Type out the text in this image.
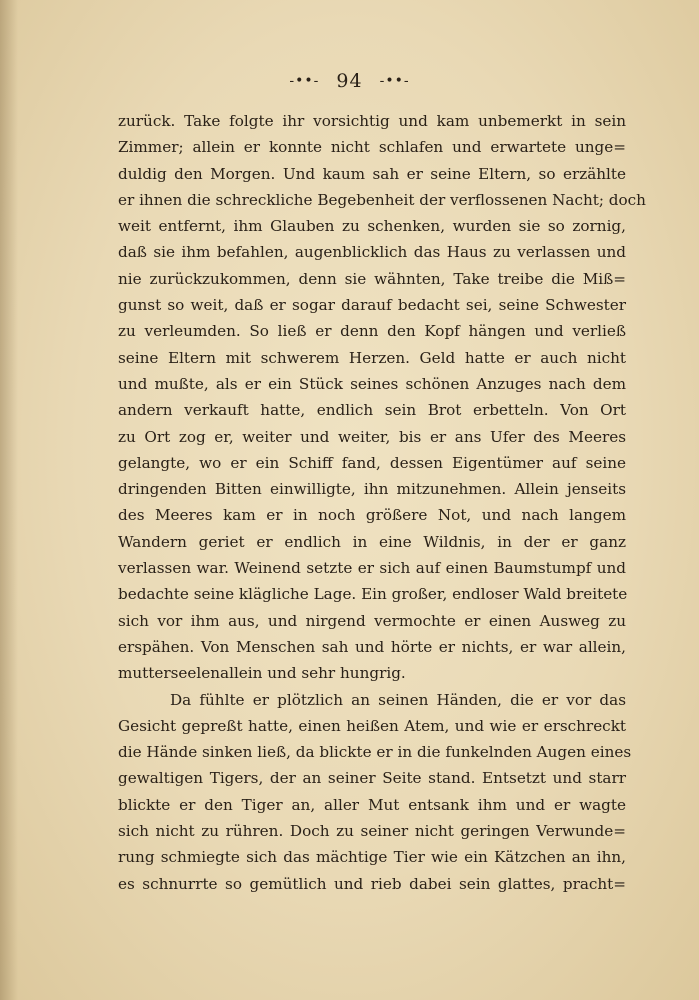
-••- 94 -••-
zurück. Take folgte ihr vorsichtig und kam unbemerkt in sein
Zimmer; allein er konnte nicht schlafen und erwartete unge=
duldig den Morgen. Und kaum sah er seine Eltern, so erzählte
er ihnen die schreckliche Begebenheit der verflossenen Nacht; doch
weit entfernt, ihm Glauben zu schenken, wurden sie so zornig,
daß sie ihm befahlen, augenblicklich das Haus zu verlassen und
nie zurückzukommen, denn sie wähnten, Take treibe die Miß=
gunst so weit, daß er sogar darauf bedacht sei, seine Schwester
zu verleumden. So ließ er denn den Kopf hängen und verließ
seine Eltern mit schwerem Herzen. Geld hatte er auch nicht
und mußte, als er ein Stück seines schönen Anzuges nach dem
andern verkauft hatte, endlich sein Brot erbetteln. Von Ort
zu Ort zog er, weiter und weiter, bis er ans Ufer des Meeres
gelangte, wo er ein Schiff fand, dessen Eigentümer auf seine
dringenden Bitten einwilligte, ihn mitzunehmen. Allein jenseits
des Meeres kam er in noch größere Not, und nach langem
Wandern geriet er endlich in eine Wildnis, in der er ganz
verlassen war. Weinend setzte er sich auf einen Baumstumpf und
bedachte seine klägliche Lage. Ein großer, endloser Wald breitete
sich vor ihm aus, und nirgend vermochte er einen Ausweg zu
erspähen. Von Menschen sah und hörte er nichts, er war allein,
mutterseelenallein und sehr hungrig.
Da fühlte er plötzlich an seinen Händen, die er vor das
Gesicht gepreßt hatte, einen heißen Atem, und wie er erschreckt
die Hände sinken ließ, da blickte er in die funkelnden Augen eines
gewaltigen Tigers, der an seiner Seite stand. Entsetzt und starr
blickte er den Tiger an, aller Mut entsank ihm und er wagte
sich nicht zu rühren. Doch zu seiner nicht geringen Verwunde=
rung schmiegte sich das mächtige Tier wie ein Kätzchen an ihn,
es schnurrte so gemütlich und rieb dabei sein glattes, pracht=
